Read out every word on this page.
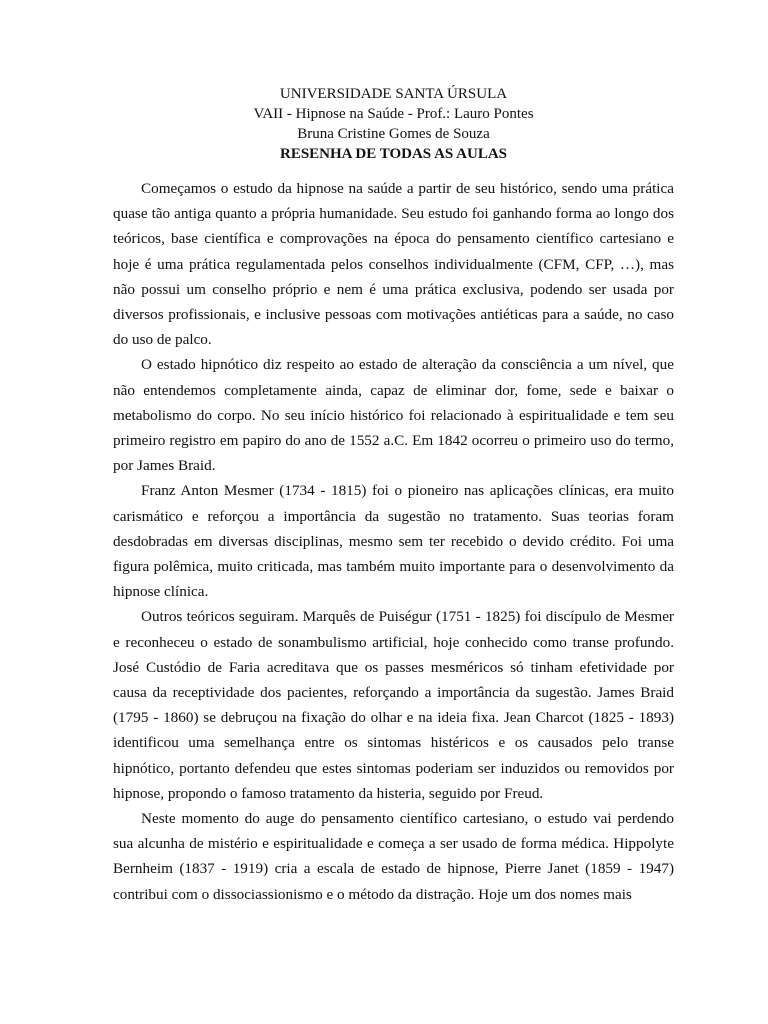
UNIVERSIDADE SANTA ÚRSULA
VAII - Hipnose na Saúde - Prof.: Lauro Pontes
Bruna Cristine Gomes de Souza
RESENHA DE TODAS AS AULAS

Começamos o estudo da hipnose na saúde a partir de seu histórico, sendo uma prática quase tão antiga quanto a própria humanidade. Seu estudo foi ganhando forma ao longo dos teóricos, base científica e comprovações na época do pensamento científico cartesiano e hoje é uma prática regulamentada pelos conselhos individualmente (CFM, CFP, …), mas não possui um conselho próprio e nem é uma prática exclusiva, podendo ser usada por diversos profissionais, e inclusive pessoas com motivações antiéticas para a saúde, no caso do uso de palco.

O estado hipnótico diz respeito ao estado de alteração da consciência a um nível, que não entendemos completamente ainda, capaz de eliminar dor, fome, sede e baixar o metabolismo do corpo. No seu início histórico foi relacionado à espiritualidade e tem seu primeiro registro em papiro do ano de 1552 a.C. Em 1842 ocorreu o primeiro uso do termo, por James Braid.

Franz Anton Mesmer (1734 - 1815) foi o pioneiro nas aplicações clínicas, era muito carismático e reforçou a importância da sugestão no tratamento. Suas teorias foram desdobradas em diversas disciplinas, mesmo sem ter recebido o devido crédito. Foi uma figura polêmica, muito criticada, mas também muito importante para o desenvolvimento da hipnose clínica.

Outros teóricos seguiram. Marquês de Puiségur (1751 - 1825) foi discípulo de Mesmer e reconheceu o estado de sonambulismo artificial, hoje conhecido como transe profundo. José Custódio de Faria acreditava que os passes mesméricos só tinham efetividade por causa da receptividade dos pacientes, reforçando a importância da sugestão. James Braid (1795 - 1860) se debruçou na fixação do olhar e na ideia fixa. Jean Charcot (1825 - 1893) identificou uma semelhança entre os sintomas histéricos e os causados pelo transe hipnótico, portanto defendeu que estes sintomas poderiam ser induzidos ou removidos por hipnose, propondo o famoso tratamento da histeria, seguido por Freud.

Neste momento do auge do pensamento científico cartesiano, o estudo vai perdendo sua alcunha de mistério e espiritualidade e começa a ser usado de forma médica. Hippolyte Bernheim (1837 - 1919) cria a escala de estado de hipnose, Pierre Janet (1859 - 1947) contribui com o dissociassionismo e o método da distração. Hoje um dos nomes mais
